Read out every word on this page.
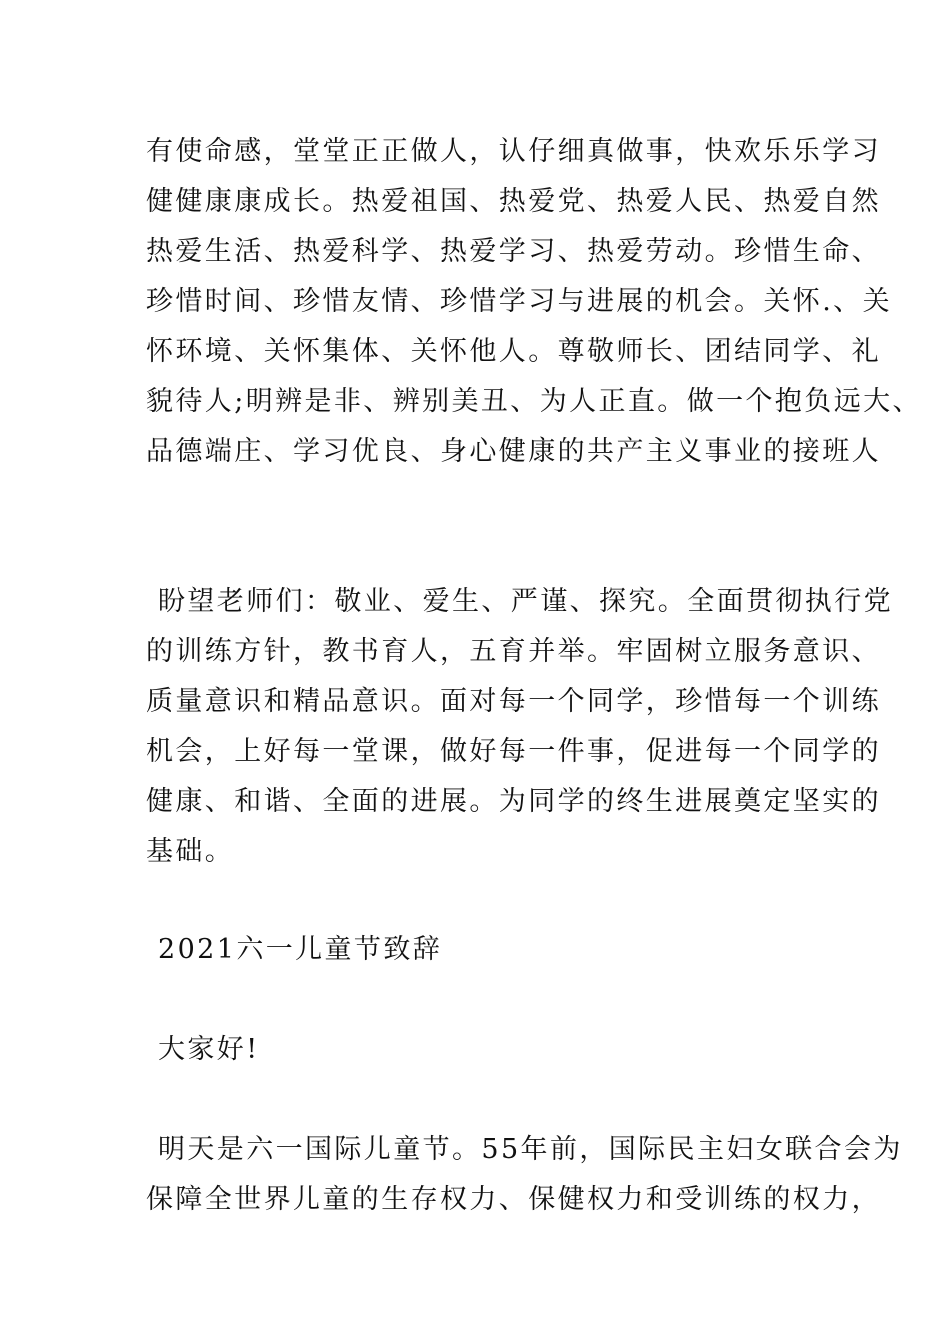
有使命感，堂堂正正做人，认仔细真做事，快欢乐乐学习
健健康康成长。热爱祖国、热爱党、热爱人民、热爱自然
热爱生活、热爱科学、热爱学习、热爱劳动。珍惜生命、
珍惜时间、珍惜友情、珍惜学习与进展的机会。关怀.、关
怀环境、关怀集体、关怀他人。尊敬师长、团结同学、礼
貌待人;明辨是非、辨别美丑、为人正直。做一个抱负远大、
品德端庄、学习优良、身心健康的共产主义事业的接班人
盼望老师们：敬业、爱生、严谨、探究。全面贯彻执行党
的训练方针，教书育人，五育并举。牢固树立服务意识、
质量意识和精品意识。面对每一个同学，珍惜每一个训练
机会，上好每一堂课，做好每一件事，促进每一个同学的
健康、和谐、全面的进展。为同学的终生进展奠定坚实的
基础。
2021六一儿童节致辞
大家好!
明天是六一国际儿童节。55年前，国际民主妇女联合会为
保障全世界儿童的生存权力、保健权力和受训练的权力，
